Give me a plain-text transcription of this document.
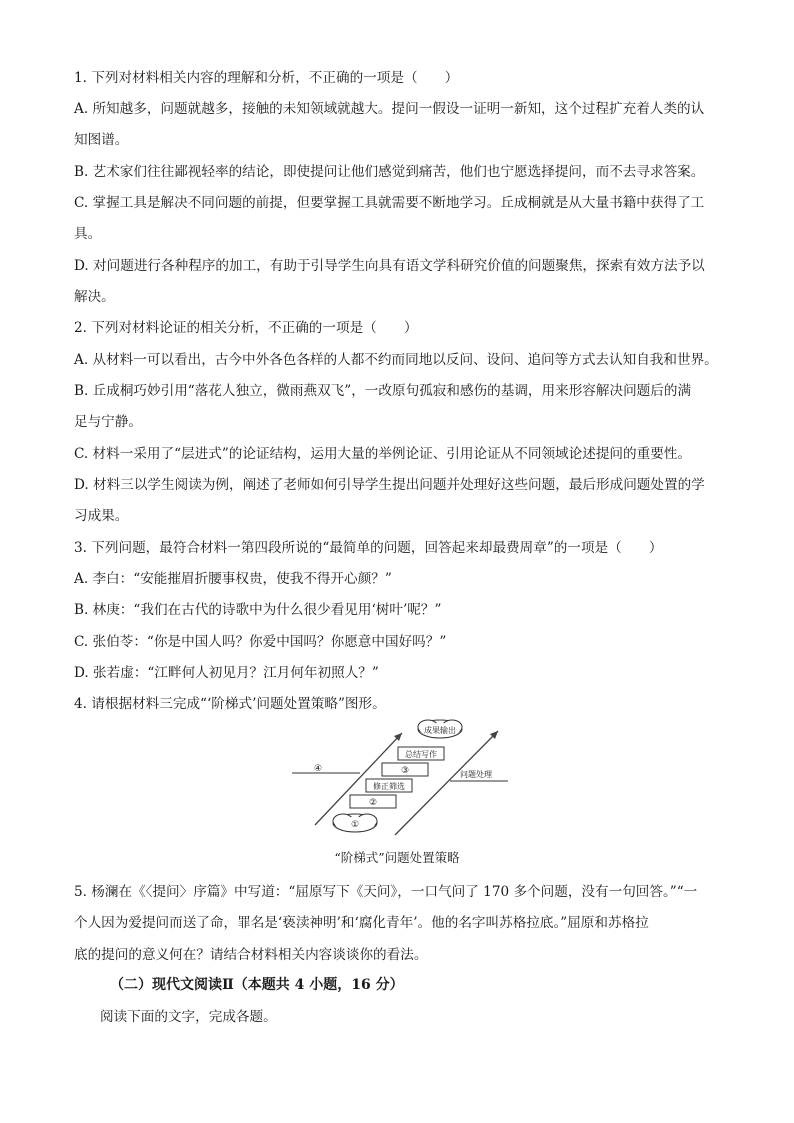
1. 下列对材料相关内容的理解和分析，不正确的一项是（　　）
A. 所知越多，问题就越多，接触的未知领域就越大。提问一假设一证明一新知，这个过程扩充着人类的认
知图谱。
B. 艺术家们往往鄙视轻率的结论，即使提问让他们感觉到痛苦，他们也宁愿选择提问，而不去寻求答案。
C. 掌握工具是解决不同问题的前提，但要掌握工具就需要不断地学习。丘成桐就是从大量书籍中获得了工
具。
D. 对问题进行各种程序的加工，有助于引导学生向具有语文学科研究价值的问题聚焦，探索有效方法予以
解决。
2. 下列对材料论证的相关分析，不正确的一项是（　　）
A. 从材料一可以看出，古今中外各色各样的人都不约而同地以反问、设问、追问等方式去认知自我和世界。
B. 丘成桐巧妙引用“落花人独立，微雨燕双飞”，一改原句孤寂和感伤的基调，用来形容解决问题后的满
足与宁静。
C. 材料一采用了“层进式”的论证结构，运用大量的举例论证、引用论证从不同领域论述提问的重要性。
D. 材料三以学生阅读为例，阐述了老师如何引导学生提出问题并处理好这些问题，最后形成问题处置的学
习成果。
3. 下列问题，最符合材料一第四段所说的“最简单的问题，回答起来却最费周章”的一项是（　　）
A. 李白：“安能摧眉折腰事权贵，使我不得开心颜？”
B. 林庚：“我们在古代的诗歌中为什么很少看见用‘树叶’呢？”
C. 张伯苓：“你是中国人吗？你爱中国吗？你愿意中国好吗？”
D. 张若虚：“江畔何人初见月？江月何年初照人？”
4. 请根据材料三完成“‘阶梯式’问题处置策略”图形。
成果输出
总结写作
③
修正筛选
②
①
④
问题处理
“阶梯式”问题处置策略
5. 杨澜在《〈提问〉序篇》中写道：“屈原写下《天问》，一口气问了 170 多个问题，没有一句回答。”“一
个人因为爱提问而送了命，罪名是‘亵渎神明’和‘腐化青年’。他的名字叫苏格拉底。”屈原和苏格拉
底的提问的意义何在？请结合材料相关内容谈谈你的看法。
（二）现代文阅读Ⅱ（本题共 4 小题，16 分）
阅读下面的文字，完成各题。
